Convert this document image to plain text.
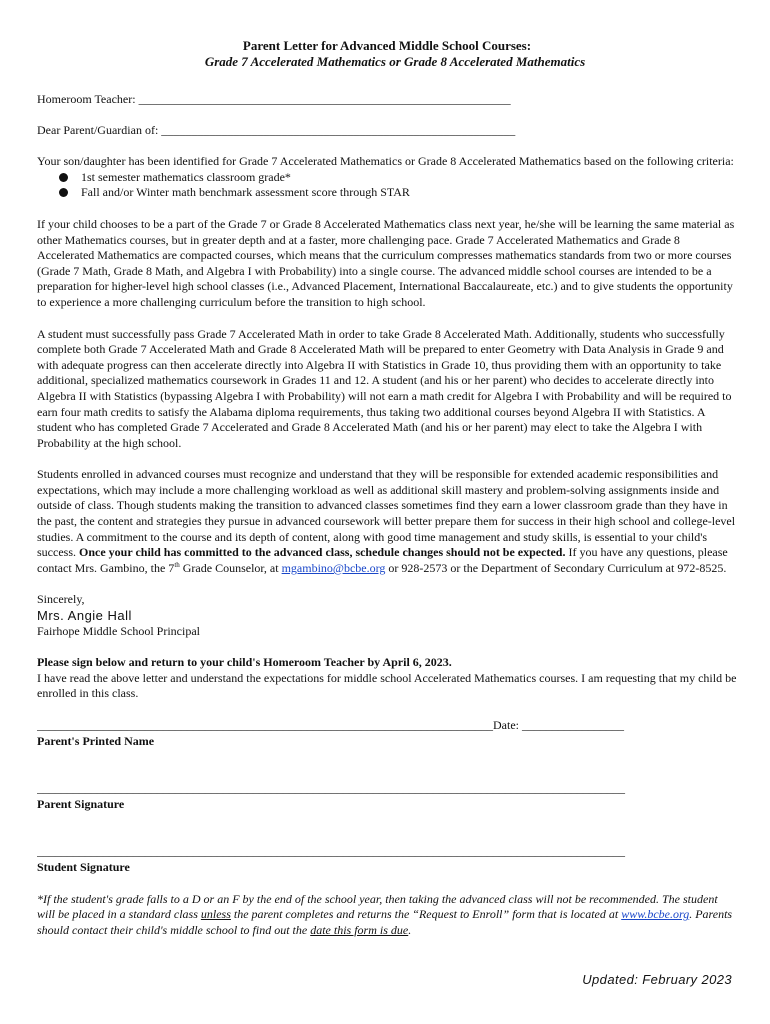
Parent Letter for Advanced Middle School Courses:
Grade 7 Accelerated Mathematics or Grade 8 Accelerated Mathematics

Homeroom Teacher: ______________________________________________________________

Dear Parent/Guardian of: ___________________________________________________________

Your son/daughter has been identified for Grade 7 Accelerated Mathematics or Grade 8 Accelerated Mathematics based on the following criteria:

1st semester mathematics classroom grade*
Fall and/or Winter math benchmark assessment score through STAR

If your child chooses to be a part of the Grade 7 or Grade 8 Accelerated Mathematics class next year, he/she will be learning the same material as other Mathematics courses, but in greater depth and at a faster, more challenging pace. Grade 7 Accelerated Mathematics and Grade 8 Accelerated Mathematics are compacted courses, which means that the curriculum compresses mathematics standards from two or more courses (Grade 7 Math, Grade 8 Math, and Algebra I with Probability) into a single course. The advanced middle school courses are intended to be a preparation for higher-level high school classes (i.e., Advanced Placement, International Baccalaureate, etc.) and to give students the opportunity to experience a more challenging curriculum before the transition to high school.

A student must successfully pass Grade 7 Accelerated Math in order to take Grade 8 Accelerated Math. Additionally, students who successfully complete both Grade 7 Accelerated Math and Grade 8 Accelerated Math will be prepared to enter Geometry with Data Analysis in Grade 9 and with adequate progress can then accelerate directly into Algebra II with Statistics in Grade 10, thus providing them with an opportunity to take additional, specialized mathematics coursework in Grades 11 and 12. A student (and his or her parent) who decides to accelerate directly into Algebra II with Statistics (bypassing Algebra I with Probability) will not earn a math credit for Algebra I with Probability and will be required to earn four math credits to satisfy the Alabama diploma requirements, thus taking two additional courses beyond Algebra II with Statistics. A student who has completed Grade 7 Accelerated and Grade 8 Accelerated Math (and his or her parent) may elect to take the Algebra I with Probability at the high school.

Students enrolled in advanced courses must recognize and understand that they will be responsible for extended academic responsibilities and expectations, which may include a more challenging workload as well as additional skill mastery and problem-solving assignments inside and outside of class. Though students making the transition to advanced classes sometimes find they earn a lower classroom grade than they have in the past, the content and strategies they pursue in advanced coursework will better prepare them for success in their high school and college-level studies. A commitment to the course and its depth of content, along with good time management and study skills, is essential to your child's success. Once your child has committed to the advanced class, schedule changes should not be expected. If you have any questions, please contact Mrs. Gambino, the 7th Grade Counselor, at mgambino@bcbe.org or 928-2573 or the Department of Secondary Curriculum at 972-8525.

Sincerely,

Mrs. Angie Hall

Fairhope Middle School Principal

Please sign below and return to your child's Homeroom Teacher by April 6, 2023.

I have read the above letter and understand the expectations for middle school Accelerated Mathematics courses. I am requesting that my child be enrolled in this class.

____________________________________________________________________________Date: _________________

Parent's Printed Name

__________________________________________________________________________________________________

Parent Signature

__________________________________________________________________________________________________

Student Signature

*If the student's grade falls to a D or an F by the end of the school year, then taking the advanced class will not be recommended. The student will be placed in a standard class unless the parent completes and returns the “Request to Enroll” form that is located at www.bcbe.org. Parents should contact their child's middle school to find out the date this form is due.

Updated: February 2023
